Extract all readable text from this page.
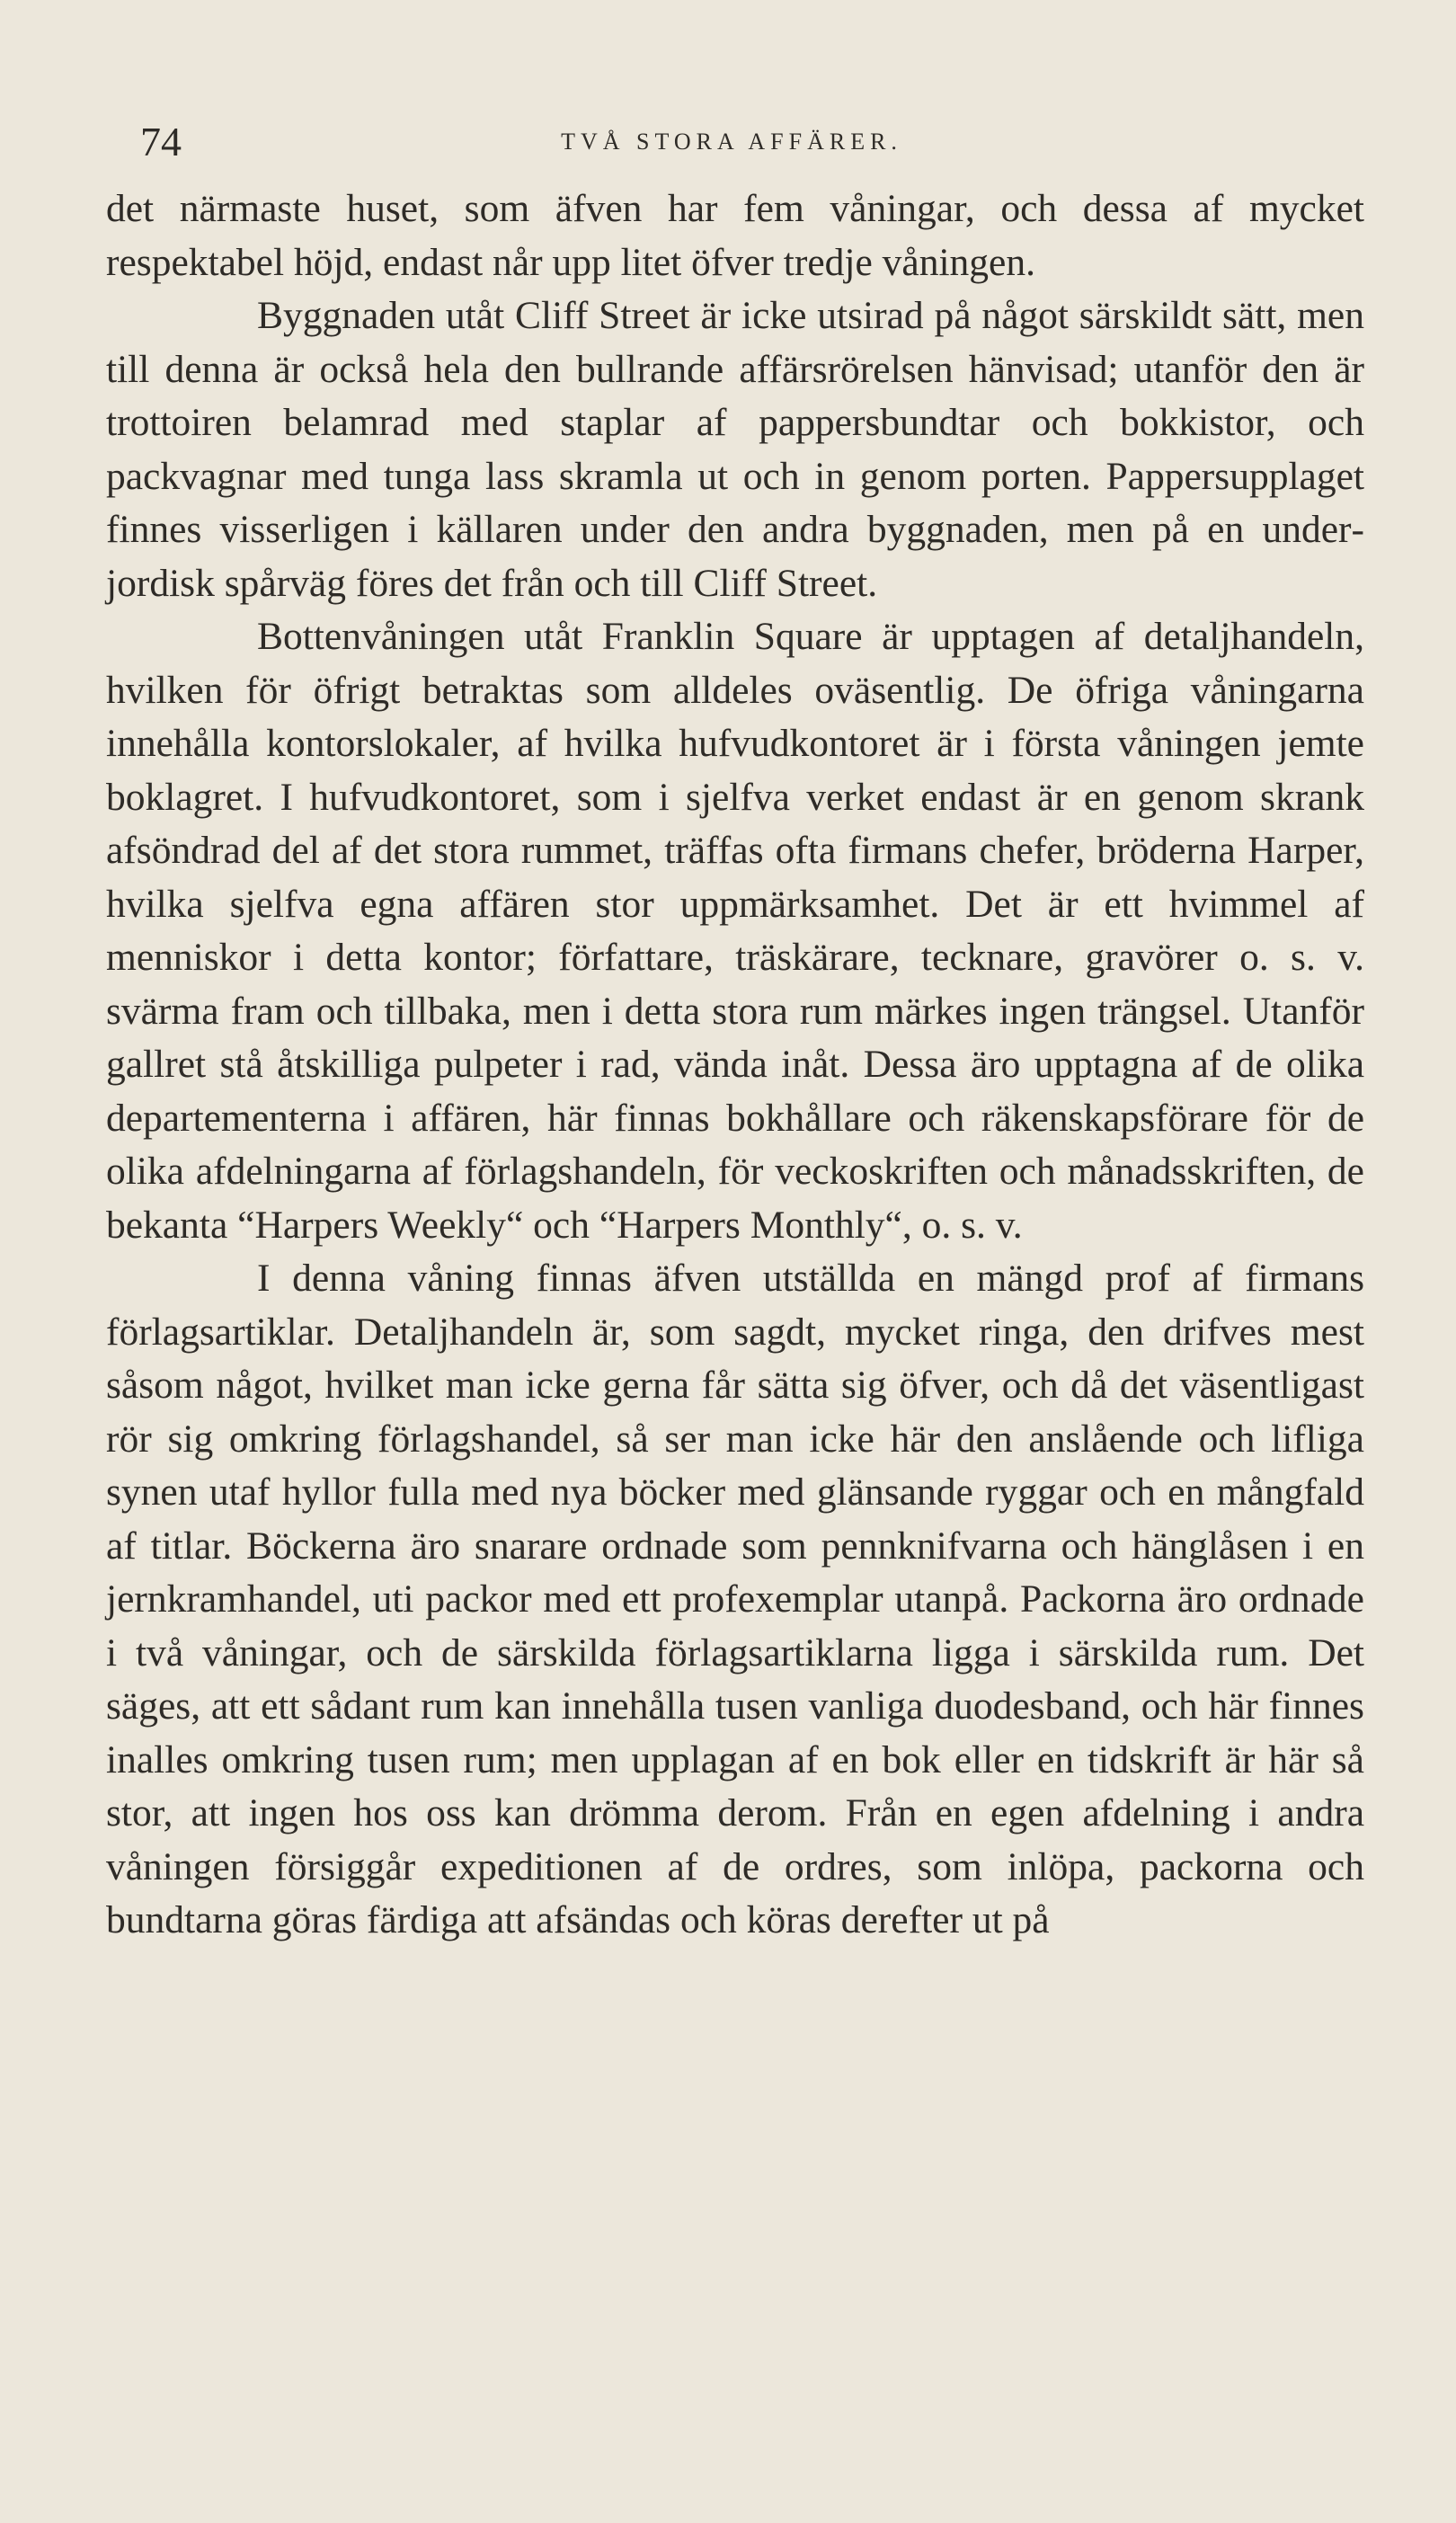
74	TVÅ STORA AFFÄRER.

det närmaste huset, som äfven har fem våningar, och dessa af mycket respektabel höjd, endast når upp litet öfver tredje våningen.

Byggnaden utåt Cliff Street är icke utsirad på något särskildt sätt, men till denna är också hela den bullrande affärsrörelsen hänvisad; utanför den är trottoiren belamrad med staplar af pappersbundtar och bokkistor, och packvagnar med tunga lass skramla ut och in genom porten. Pappersupplaget finnes visserligen i källaren under den andra byggnaden, men på en underjordisk spårväg föres det från och till Cliff Street.

Bottenvåningen utåt Franklin Square är upptagen af detaljhandeln, hvilken för öfrigt betraktas som alldeles oväsentlig. De öfriga våningarna innehålla kontorslokaler, af hvilka hufvudkontoret är i första våningen jemte boklagret. I hufvudkontoret, som i sjelfva verket endast är en genom skrank afsöndrad del af det stora rummet, träffas ofta firmans chefer, bröderna Harper, hvilka sjelfva egna affären stor uppmärksamhet. Det är ett hvimmel af menniskor i detta kontor; författare, träskärare, tecknare, gravörer o. s. v. svärma fram och tillbaka, men i detta stora rum märkes ingen trängsel. Utanför gallret stå åtskilliga pulpeter i rad, vända inåt. Dessa äro upptagna af de olika departementerna i affären, här finnas bokhållare och räkenskapsförare för de olika afdelningarna af förlagshandeln, för veckoskriften och månadsskriften, de bekanta “Harpers Weekly“ och “Harpers Monthly“, o. s. v.

I denna våning finnas äfven utställda en mängd prof af firmans förlagsartiklar. Detaljhandeln är, som sagdt, mycket ringa, den drifves mest såsom något, hvilket man icke gerna får sätta sig öfver, och då det väsentligast rör sig omkring förlagshandel, så ser man icke här den anslående och lifliga synen utaf hyllor fulla med nya böcker med glänsande ryggar och en mångfald af titlar. Böckerna äro snarare ordnade som pennknifvarna och hänglåsen i en jernkramhandel, uti packor med ett profexemplar utanpå. Packorna äro ordnade i två våningar, och de särskilda förlagsartiklarna ligga i särskilda rum. Det säges, att ett sådant rum kan innehålla tusen vanliga duodesband, och här finnes inalles omkring tusen rum; men upplagan af en bok eller en tidskrift är här så stor, att ingen hos oss kan drömma derom. Från en egen afdelning i andra våningen försiggår expeditionen af de ordres, som inlöpa, packorna och bundtarna göras färdiga att afsändas och köras derefter ut på
